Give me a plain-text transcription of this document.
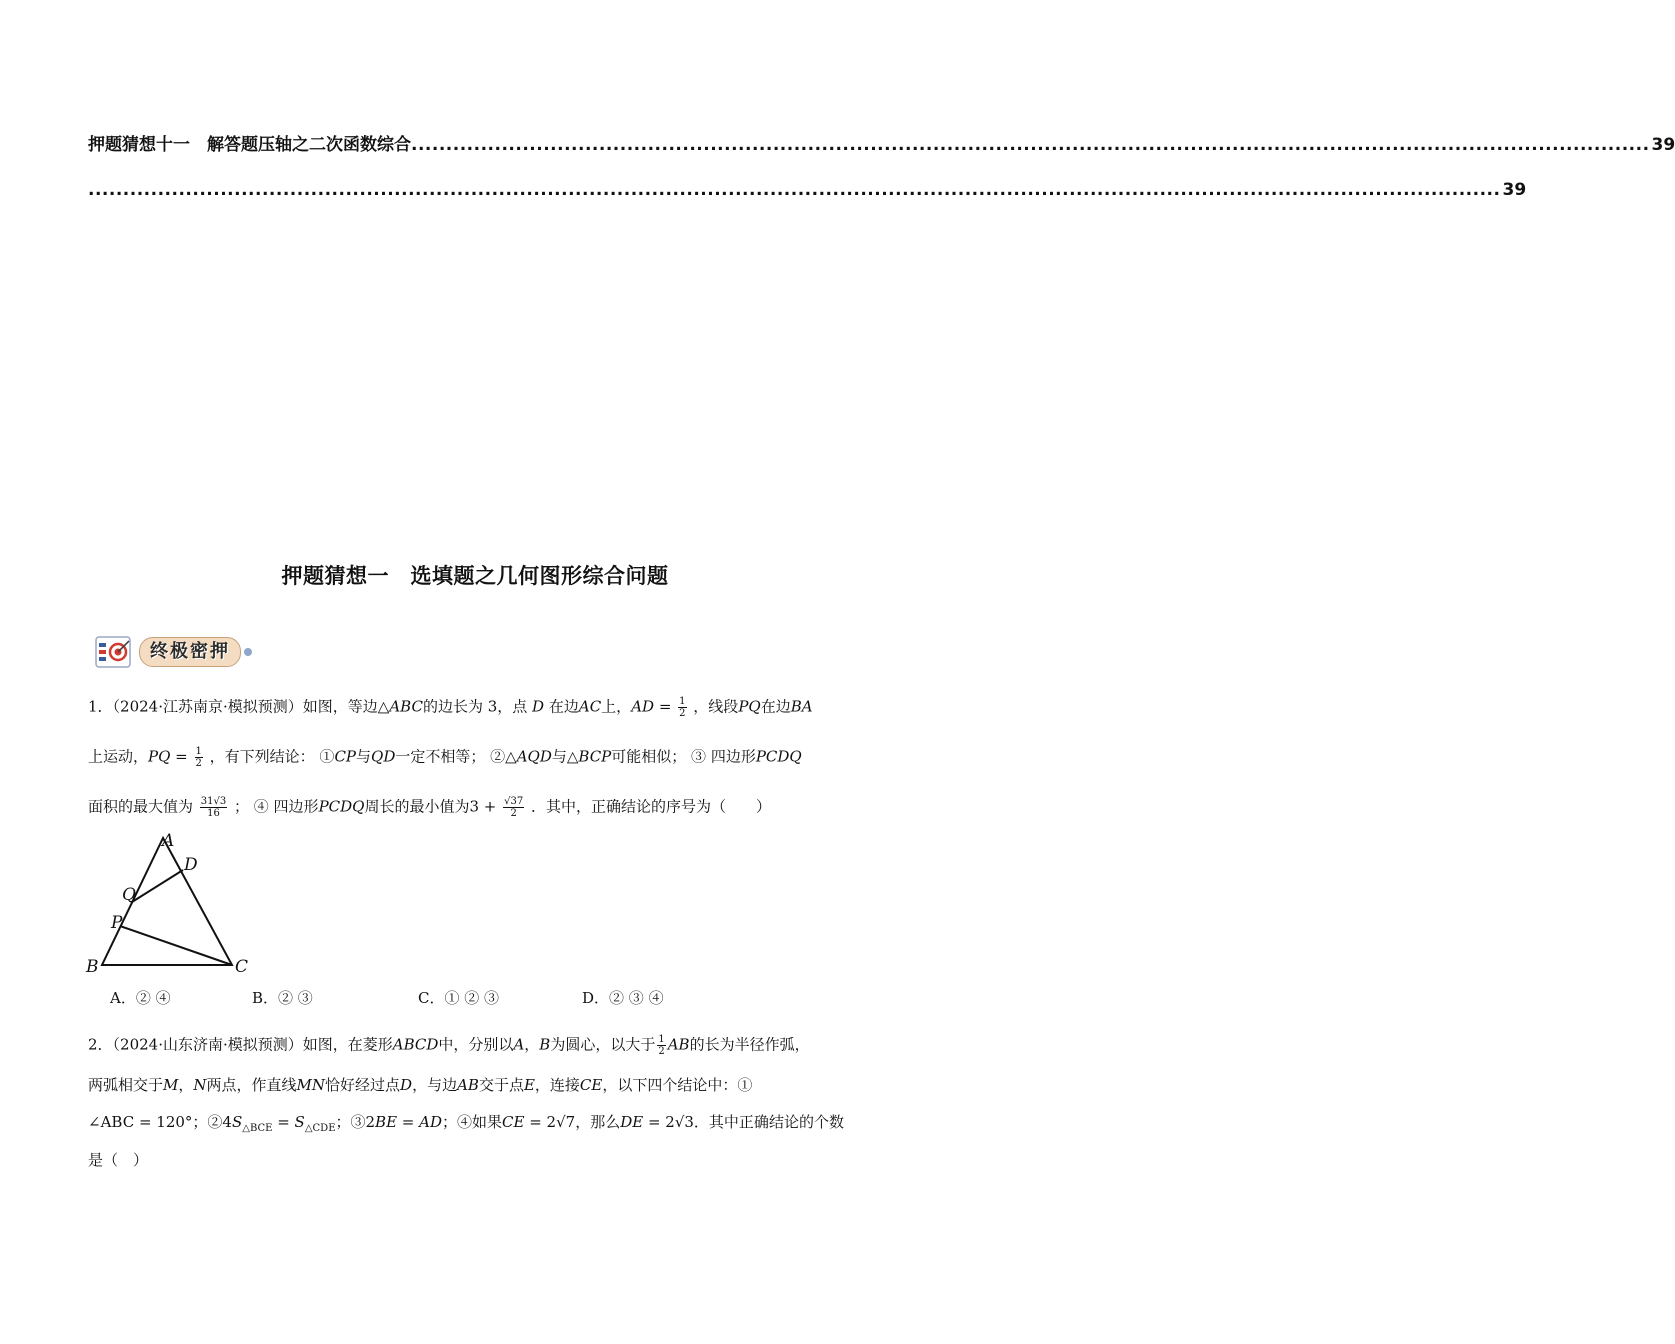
押题猜想十一　解答题压轴之二次函数综合 .................................................................................................................................................................................. 39
........................................................................................................................................................................................................... 39
押题猜想一　选填题之几何图形综合问题
终极密押
1．（2024·江苏南京·模拟预测）如图，等边△ABC的边长为 3，点 D 在边AC上，AD = $\frac{1}{2}$ ，线段PQ在边BA
上运动，PQ = $\frac{1}{2}$ ，有下列结论： ①CP与QD一定不相等； ②△AQD与△BCP可能相似； ③ 四边形PCDQ
面积的最大值为 $\frac{31√3}{16}$ ； ④ 四边形PCDQ周长的最小值为$3 + \frac{√37}{2}$ ．其中，正确结论的序号为（　　）
A
D
Q
P
B	C
A．② ④	B．② ③	C．① ② ③	D．② ③ ④
2．（2024·山东济南·模拟预测）如图，在菱形ABCD中，分别以A，B为圆心，以大于 $\frac{1}{2}$ AB的长为半径作弧，
两弧相交于M，N两点，作直线MN恰好经过点D，与边AB交于点E，连接CE，以下四个结论中：①
∠ABC = 120°；$②4S_{\triangle BCE} = S_{\triangle CDE}$；③2BE = AD；④如果CE = 2√7，那么DE = 2√3．其中正确结论的个数
是（　）
